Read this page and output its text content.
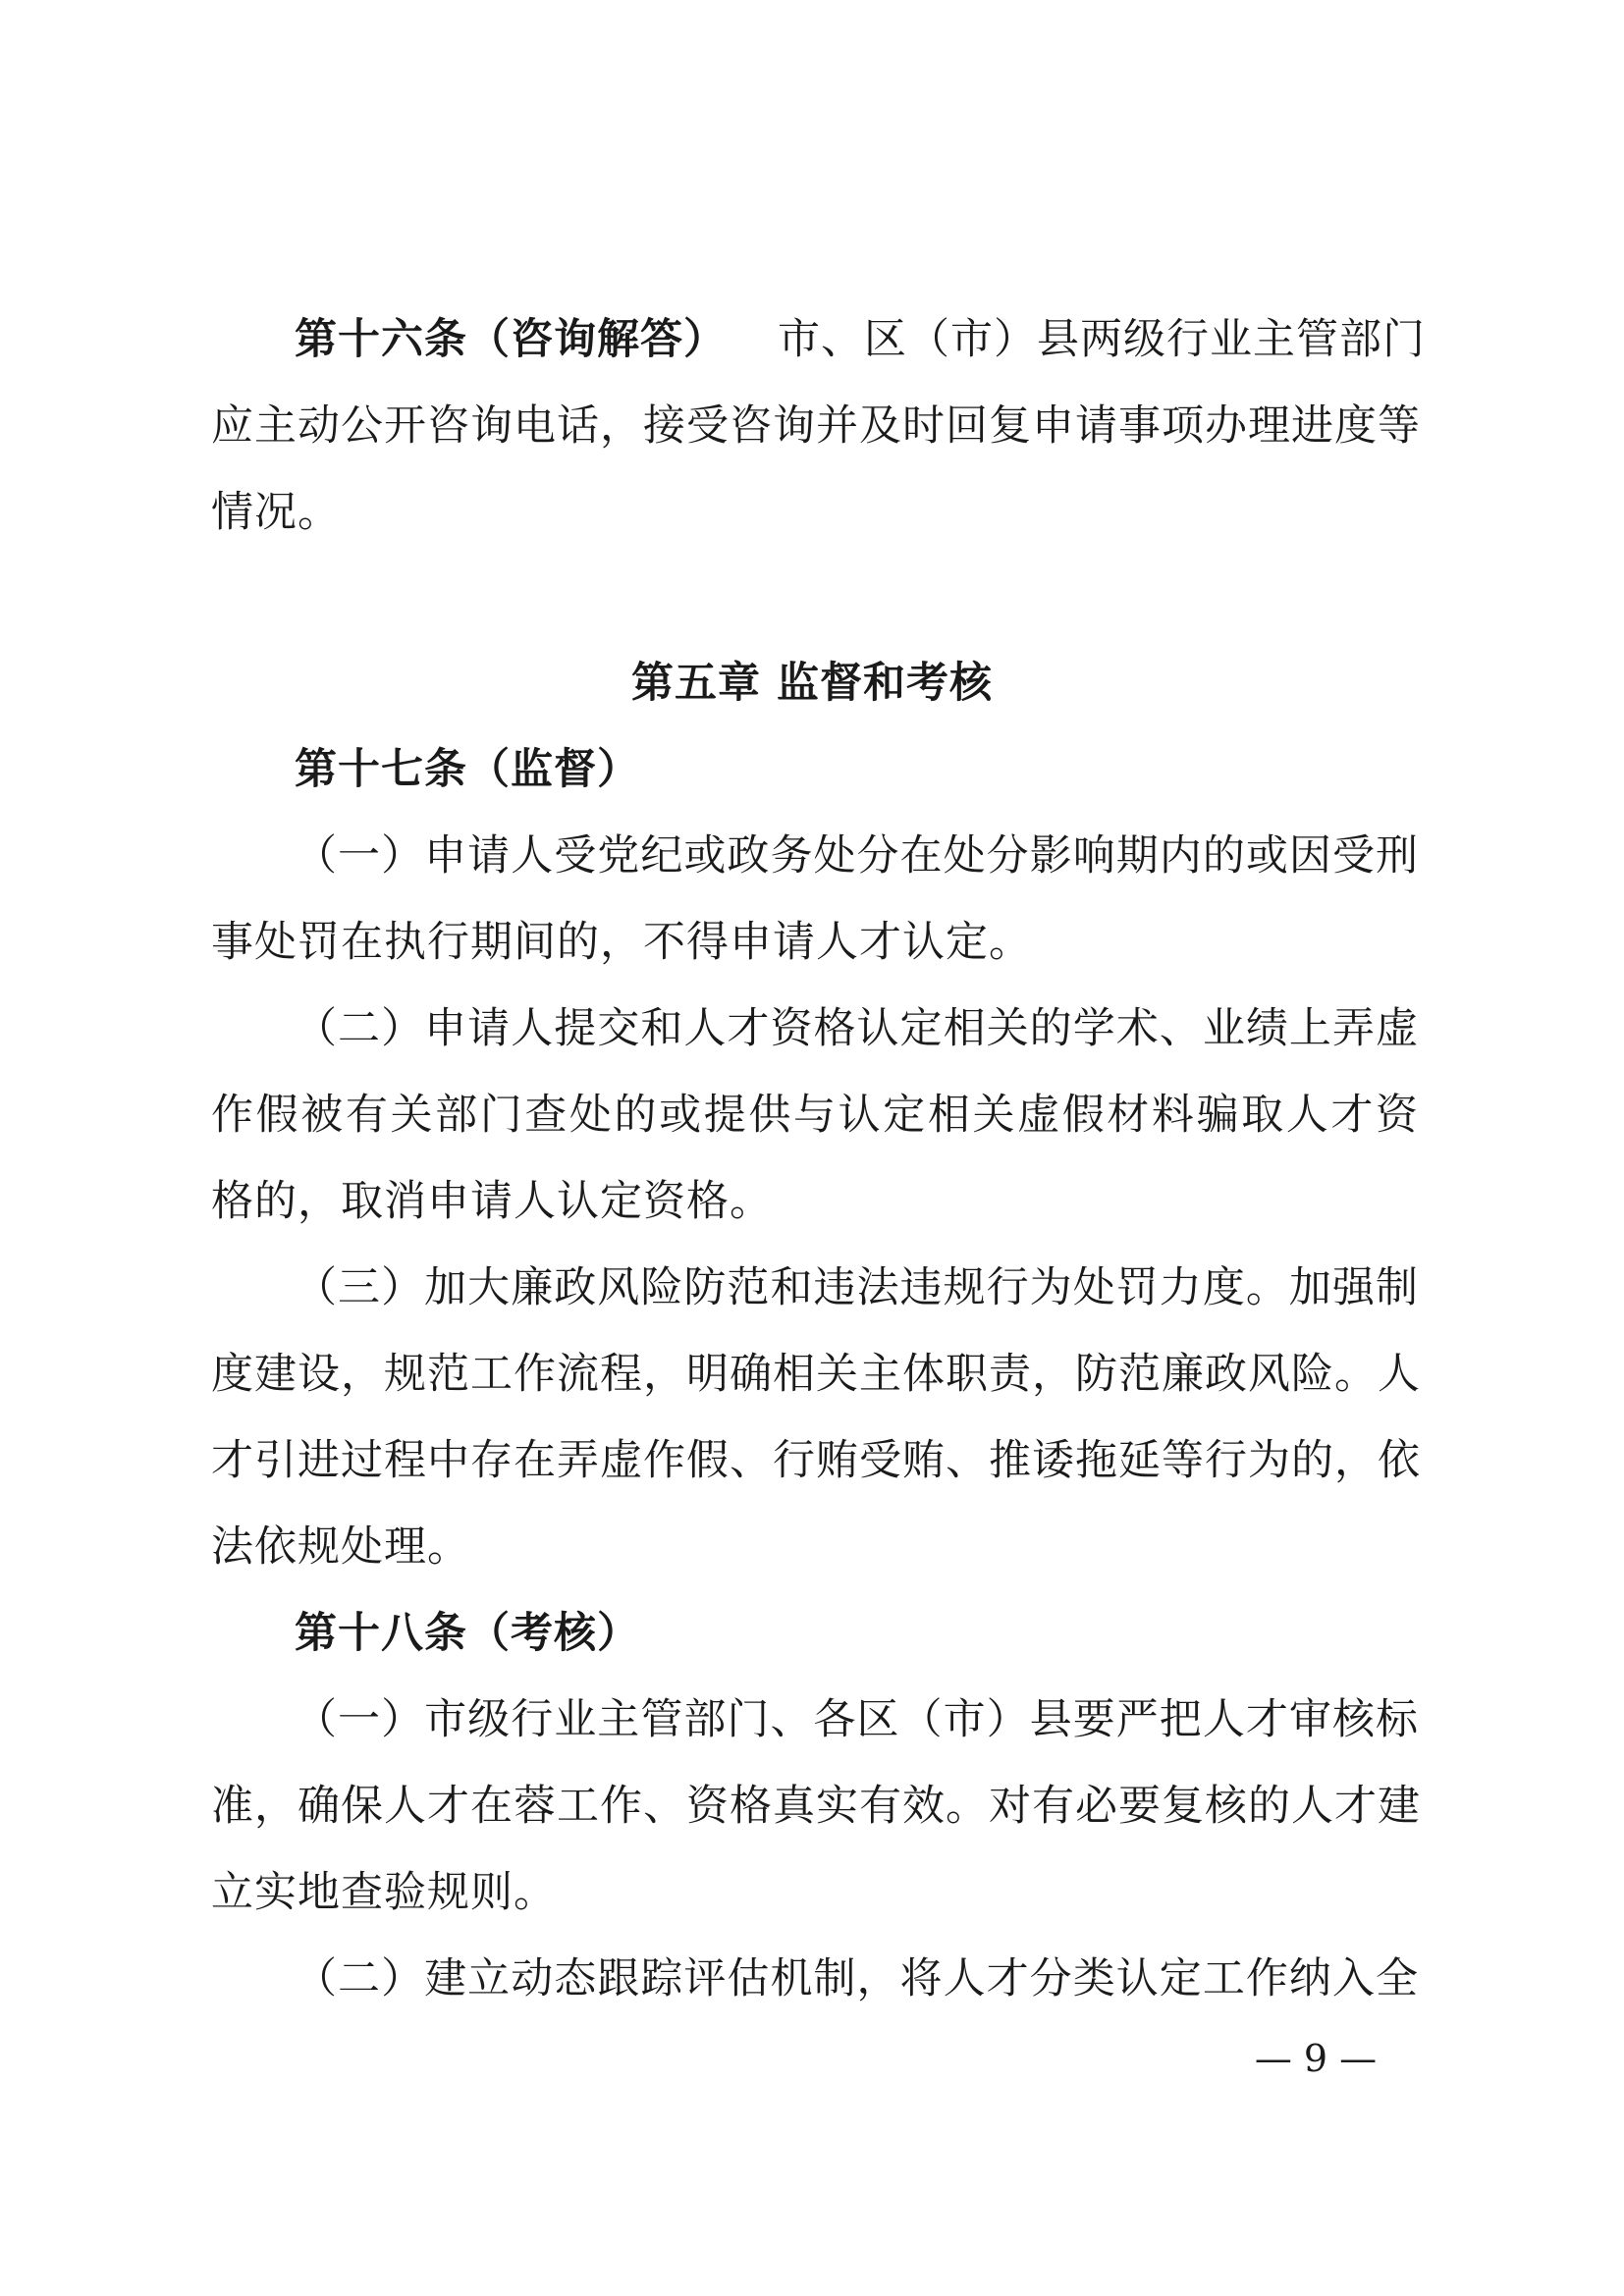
第十六条（咨询解答） 市、区（市）县两级行业主管部门
应主动公开咨询电话，接受咨询并及时回复申请事项办理进度等
情况。
第五章 监督和考核
第十七条（监督）
（一）申请人受党纪或政务处分在处分影响期内的或因受刑
事处罚在执行期间的，不得申请人才认定。
（二）申请人提交和人才资格认定相关的学术、业绩上弄虚
作假被有关部门查处的或提供与认定相关虚假材料骗取人才资
格的，取消申请人认定资格。
（三）加大廉政风险防范和违法违规行为处罚力度。加强制
度建设，规范工作流程，明确相关主体职责，防范廉政风险。人
才引进过程中存在弄虚作假、行贿受贿、推诿拖延等行为的，依
法依规处理。
第十八条（考核）
（一）市级行业主管部门、各区（市）县要严把人才审核标
准，确保人才在蓉工作、资格真实有效。对有必要复核的人才建
立实地查验规则。
（二）建立动态跟踪评估机制，将人才分类认定工作纳入全
— 9 —
